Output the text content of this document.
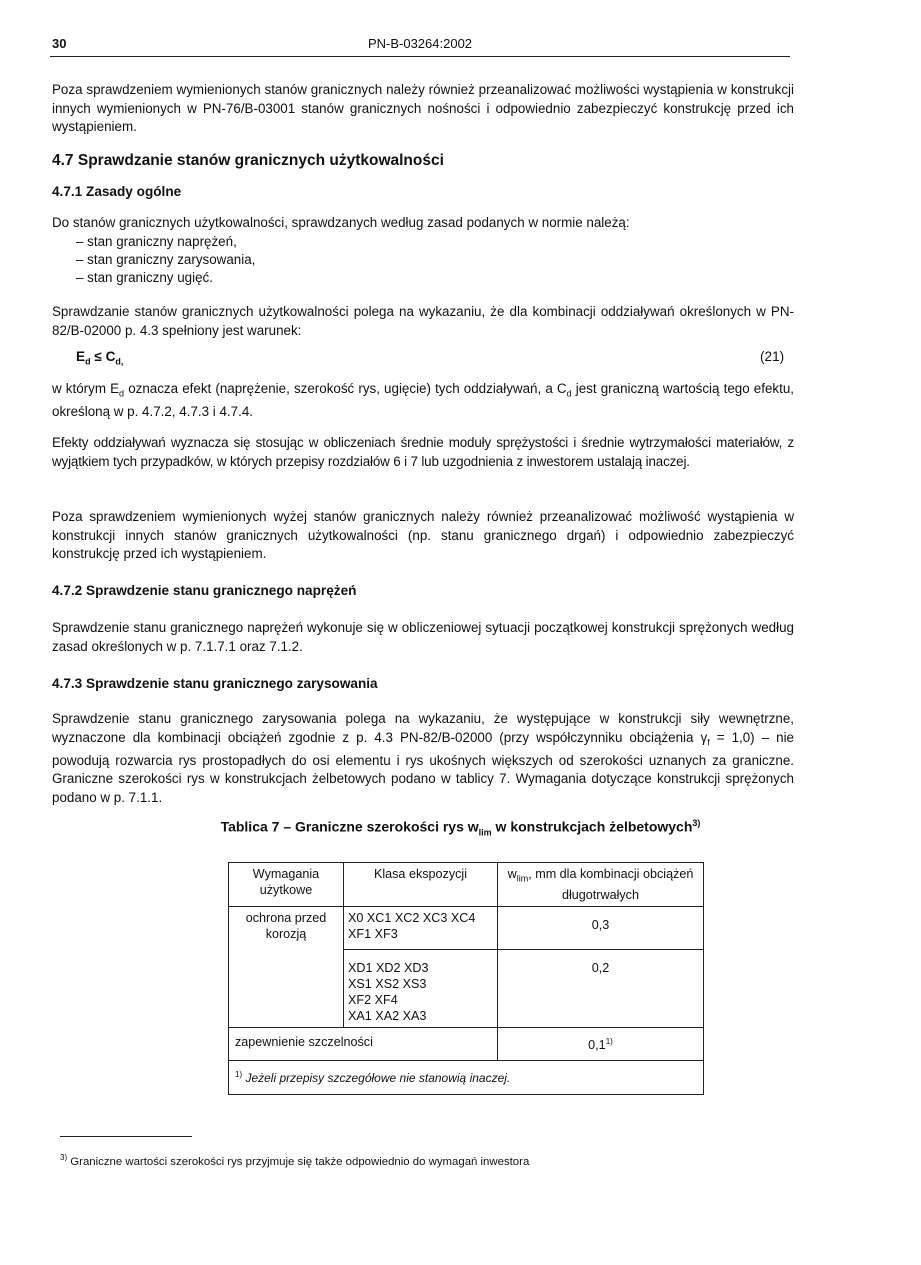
30	PN-B-03264:2002

Poza sprawdzeniem wymienionych stanów granicznych należy również przeanalizować możliwości wystąpienia w konstrukcji innych wymienionych w PN-76/B-03001 stanów granicznych nośności i odpowiednio zabezpieczyć konstrukcję przed ich wystąpieniem.

4.7 Sprawdzanie stanów granicznych użytkowalności
4.7.1 Zasady ogólne

Do stanów granicznych użytkowalności, sprawdzanych według zasad podanych w normie należą:

– stan graniczny naprężeń,
– stan graniczny zarysowania,
– stan graniczny ugięć.

Sprawdzanie stanów granicznych użytkowalności polega na wykazaniu, że dla kombinacji oddziaływań określonych w PN-82/B-02000 p. 4.3 spełniony jest warunek:

$E_d \le C_{d,}$	(21)

w którym $E_d$ oznacza efekt (naprężenie, szerokość rys, ugięcie) tych oddziaływań, a $C_d$ jest graniczną wartością tego efektu, określoną w p. 4.7.2, 4.7.3 i 4.7.4.

Efekty oddziaływań wyznacza się stosując w obliczeniach średnie moduły sprężystości i średnie wytrzymałości materiałów, z wyjątkiem tych przypadków, w których przepisy rozdziałów 6 i 7 lub uzgodnienia z inwestorem ustalają inaczej.

Poza sprawdzeniem wymienionych wyżej stanów granicznych należy również przeanalizować możliwość wystąpienia w konstrukcji innych stanów granicznych użytkowalności (np. stanu granicznego drgań) i odpowiednio zabezpieczyć konstrukcję przed ich wystąpieniem.

4.7.2 Sprawdzenie stanu granicznego naprężeń

Sprawdzenie stanu granicznego naprężeń wykonuje się w obliczeniowej sytuacji początkowej konstrukcji sprężonych według zasad określonych w p. 7.1.7.1 oraz 7.1.2.

4.7.3 Sprawdzenie stanu granicznego zarysowania

Sprawdzenie stanu granicznego zarysowania polega na wykazaniu, że występujące w konstrukcji siły wewnętrzne, wyznaczone dla kombinacji obciążeń zgodnie z p. 4.3 PN-82/B-02000 (przy współczynniku obciążenia $\gamma_f = 1,0$) – nie powodują rozwarcia rys prostopadłych do osi elementu i rys ukośnych większych od szerokości uznanych za graniczne. Graniczne szerokości rys w konstrukcjach żelbetowych podano w tablicy 7. Wymagania dotyczące konstrukcji sprężonych podano w p. 7.1.1.

Tablica 7 – Graniczne szerokości rys $w_{lim}$ w konstrukcjach żelbetowych$^{3)}$
Wymagania użytkowe	Klasa ekspozycji	$w_{lim}$, mm dla kombinacji obciążeń długotrwałych
ochrona przed korozją	X0 XC1 XC2 XC3 XC4 XF1 XF3	0,3

	XD1 XD2 XD3
XS1 XS2 XS3
XF2 XF4
XA1 XA2 XA3	0,2
zapewnienie szczelności		0,1$^{1)}$
$^{1)}$ Jeżeli przepisy szczegółowe nie stanowią inaczej.		
$^{3)}$ Graniczne wartości szerokości rys przyjmuje się także odpowiednio do wymagań inwestora
